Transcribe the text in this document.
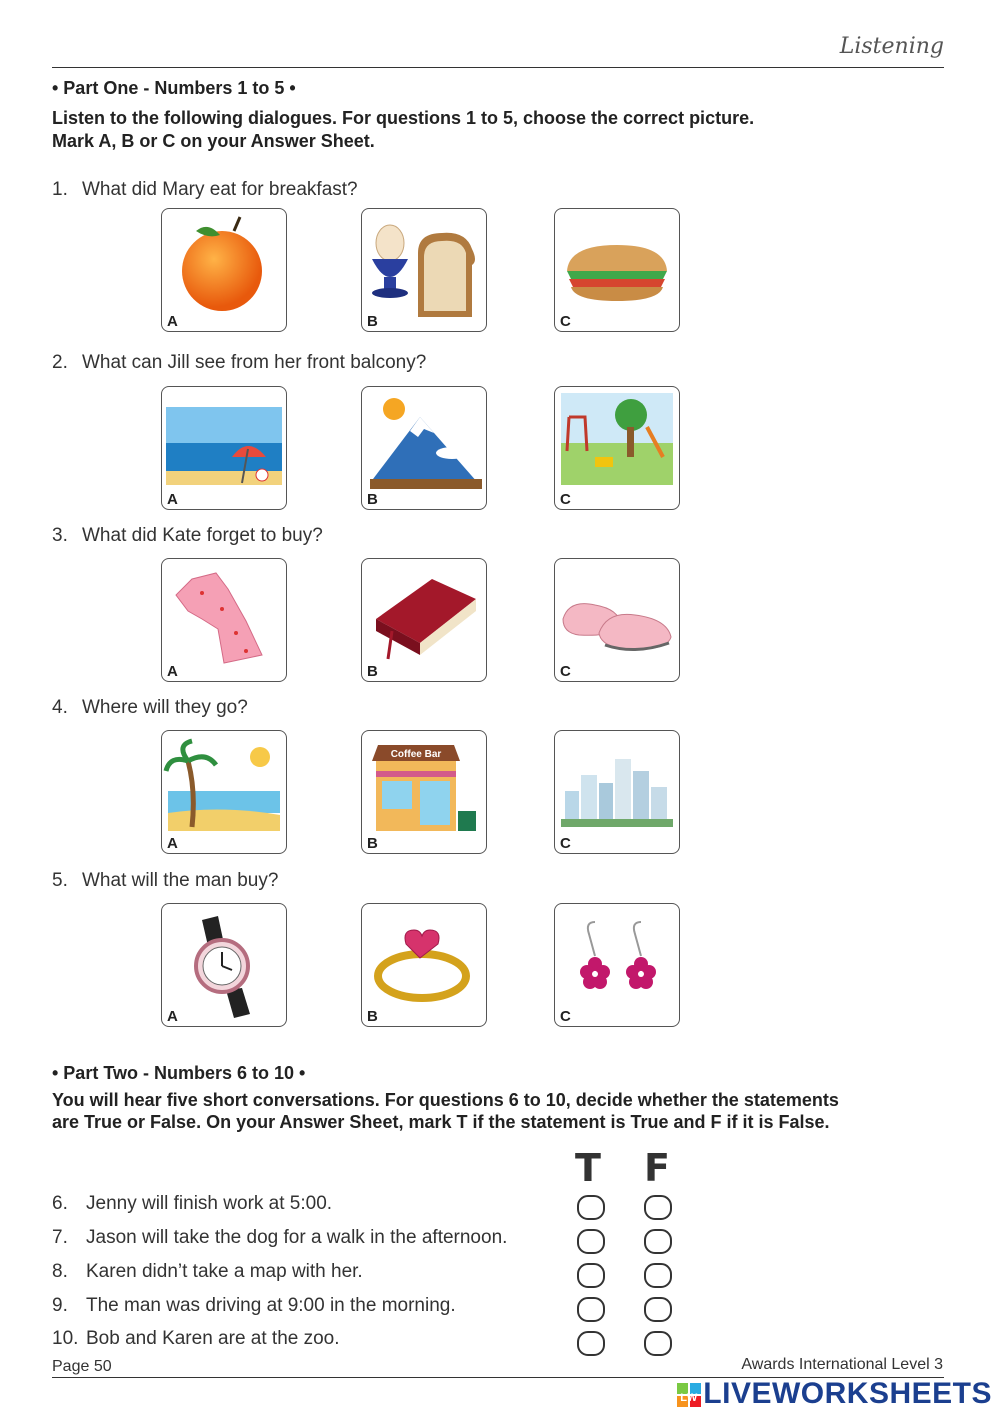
Listening
• Part One - Numbers 1 to 5 •
Listen to the following dialogues. For questions 1 to 5, choose the correct picture.
Mark A, B or C on your Answer Sheet.
1. What did Mary eat for breakfast?
A	B	C
2. What can Jill see from her front balcony?
A	B	C
3. What did Kate forget to buy?
A	B	C
4. Where will they go?
A
Coffee Bar
B	C
5. What will the man buy?
A	B	C
• Part Two - Numbers 6 to 10 •
You will hear five short conversations. For questions 6 to 10, decide whether the statements
are True or False. On your Answer Sheet, mark T if the statement is True and F if it is False.
T F
6. Jenny will finish work at 5:00.
7. Jason will take the dog for a walk in the afternoon.
8. Karen didn’t take a map with her.
9. The man was driving at 9:00 in the morning.
10. Bob and Karen are at the zoo.
Page 50	Awards International Level 3
LW LIVEWORKSHEETS
